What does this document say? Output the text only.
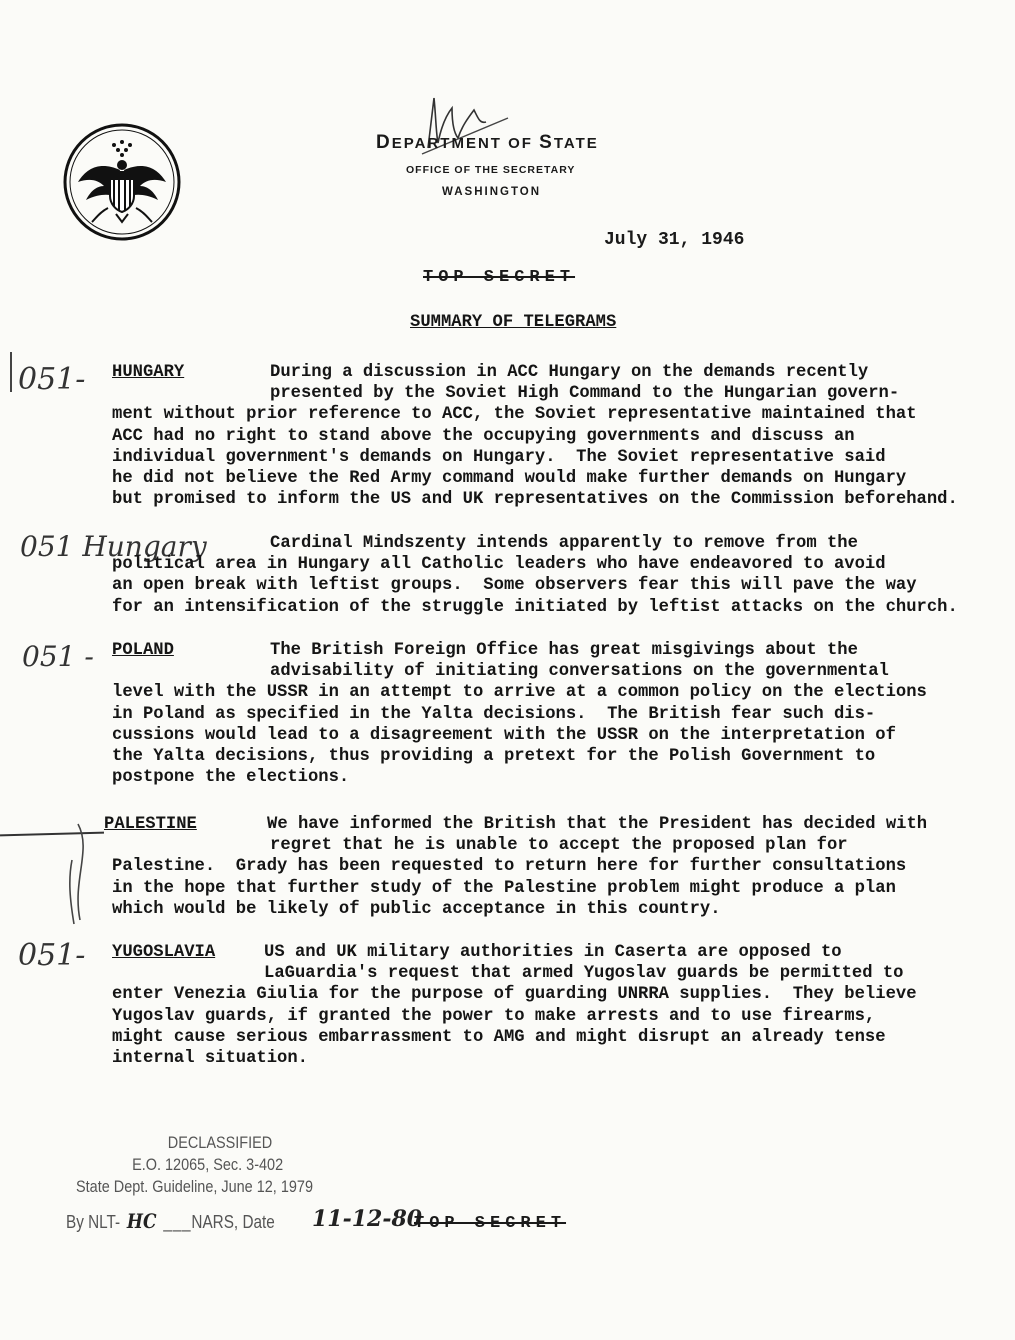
DEPARTMENT OF STATE
OFFICE OF THE SECRETARY
WASHINGTON
July 31, 1946
TOP SECRET
SUMMARY OF TELEGRAMS
051- HUNGARY	During a discussion in ACC Hungary on the demands recently

presented by the Soviet High Command to the Hungarian govern-

ment without prior reference to ACC, the Soviet representative maintained that

ACC had no right to stand above the occupying governments and discuss an

individual government's demands on Hungary.  The Soviet representative said

he did not believe the Red Army command would make further demands on Hungary

but promised to inform the US and UK representatives on the Commission beforehand.

051 Hungary	Cardinal Mindszenty intends apparently to remove from the

political area in Hungary all Catholic leaders who have endeavored to avoid

an open break with leftist groups.  Some observers fear this will pave the way

for an intensification of the struggle initiated by leftist attacks on the church.

051 - POLAND	The British Foreign Office has great misgivings about the

advisability of initiating conversations on the governmental

level with the USSR in an attempt to arrive at a common policy on the elections

in Poland as specified in the Yalta decisions.  The British fear such dis-

cussions would lead to a disagreement with the USSR on the interpretation of

the Yalta decisions, thus providing a pretext for the Polish Government to

postpone the elections.

PALESTINE	We have informed the British that the President has decided with

regret that he is unable to accept the proposed plan for

Palestine.  Grady has been requested to return here for further consultations

in the hope that further study of the Palestine problem might produce a plan

which would be likely of public acceptance in this country.

051- YUGOSLAVIA	US and UK military authorities in Caserta are opposed to

LaGuardia's request that armed Yugoslav guards be permitted to

enter Venezia Giulia for the purpose of guarding UNRRA supplies.  They believe

Yugoslav guards, if granted the power to make arrests and to use firearms,

might cause serious embarrassment to AMG and might disrupt an already tense

internal situation.

DECLASSIFIED
E.O. 12065, Sec. 3-402
State Dept. Guideline, June 12, 1979
By NLT- HC ___NARS, Date 11-12-80
TOP SECRET
